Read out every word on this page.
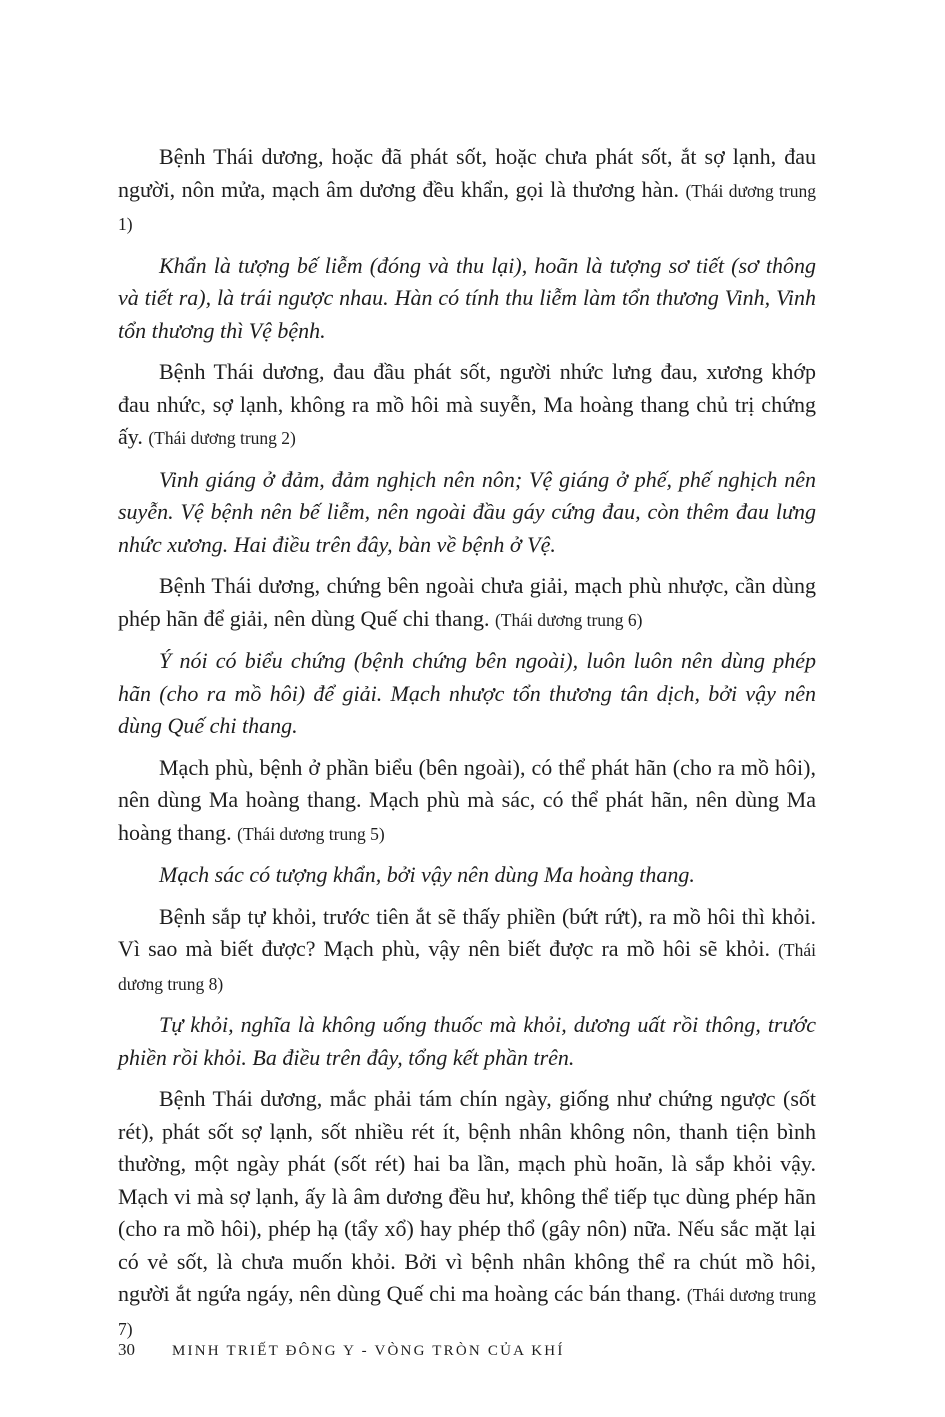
Bệnh Thái dương, hoặc đã phát sốt, hoặc chưa phát sốt, ắt sợ lạnh, đau người, nôn mửa, mạch âm dương đều khẩn, gọi là thương hàn. (Thái dương trung 1)

Khẩn là tượng bế liễm (đóng và thu lại), hoãn là tượng sơ tiết (sơ thông và tiết ra), là trái ngược nhau. Hàn có tính thu liễm làm tổn thương Vinh, Vinh tổn thương thì Vệ bệnh.

Bệnh Thái dương, đau đầu phát sốt, người nhức lưng đau, xương khớp đau nhức, sợ lạnh, không ra mồ hôi mà suyễn, Ma hoàng thang chủ trị chứng ấy. (Thái dương trung 2)

Vinh giáng ở đảm, đảm nghịch nên nôn; Vệ giáng ở phế, phế nghịch nên suyễn. Vệ bệnh nên bế liễm, nên ngoài đầu gáy cứng đau, còn thêm đau lưng nhức xương. Hai điều trên đây, bàn về bệnh ở Vệ.

Bệnh Thái dương, chứng bên ngoài chưa giải, mạch phù nhược, cần dùng phép hãn để giải, nên dùng Quế chi thang. (Thái dương trung 6)

Ý nói có biểu chứng (bệnh chứng bên ngoài), luôn luôn nên dùng phép hãn (cho ra mồ hôi) để giải. Mạch nhược tổn thương tân dịch, bởi vậy nên dùng Quế chi thang.

Mạch phù, bệnh ở phần biểu (bên ngoài), có thể phát hãn (cho ra mồ hôi), nên dùng Ma hoàng thang. Mạch phù mà sác, có thể phát hãn, nên dùng Ma hoàng thang. (Thái dương trung 5)

Mạch sác có tượng khẩn, bởi vậy nên dùng Ma hoàng thang.

Bệnh sắp tự khỏi, trước tiên ắt sẽ thấy phiền (bứt rứt), ra mồ hôi thì khỏi. Vì sao mà biết được? Mạch phù, vậy nên biết được ra mồ hôi sẽ khỏi. (Thái dương trung 8)

Tự khỏi, nghĩa là không uống thuốc mà khỏi, dương uất rồi thông, trước phiền rồi khỏi. Ba điều trên đây, tổng kết phần trên.

Bệnh Thái dương, mắc phải tám chín ngày, giống như chứng ngược (sốt rét), phát sốt sợ lạnh, sốt nhiều rét ít, bệnh nhân không nôn, thanh tiện bình thường, một ngày phát (sốt rét) hai ba lần, mạch phù hoãn, là sắp khỏi vậy. Mạch vi mà sợ lạnh, ấy là âm dương đều hư, không thể tiếp tục dùng phép hãn (cho ra mồ hôi), phép hạ (tẩy xổ) hay phép thổ (gây nôn) nữa. Nếu sắc mặt lại có vẻ sốt, là chưa muốn khỏi. Bởi vì bệnh nhân không thể ra chút mồ hôi, người ắt ngứa ngáy, nên dùng Quế chi ma hoàng các bán thang. (Thái dương trung 7)

30 MINH TRIẾT ĐÔNG Y - VÒNG TRÒN CỦA KHÍ
